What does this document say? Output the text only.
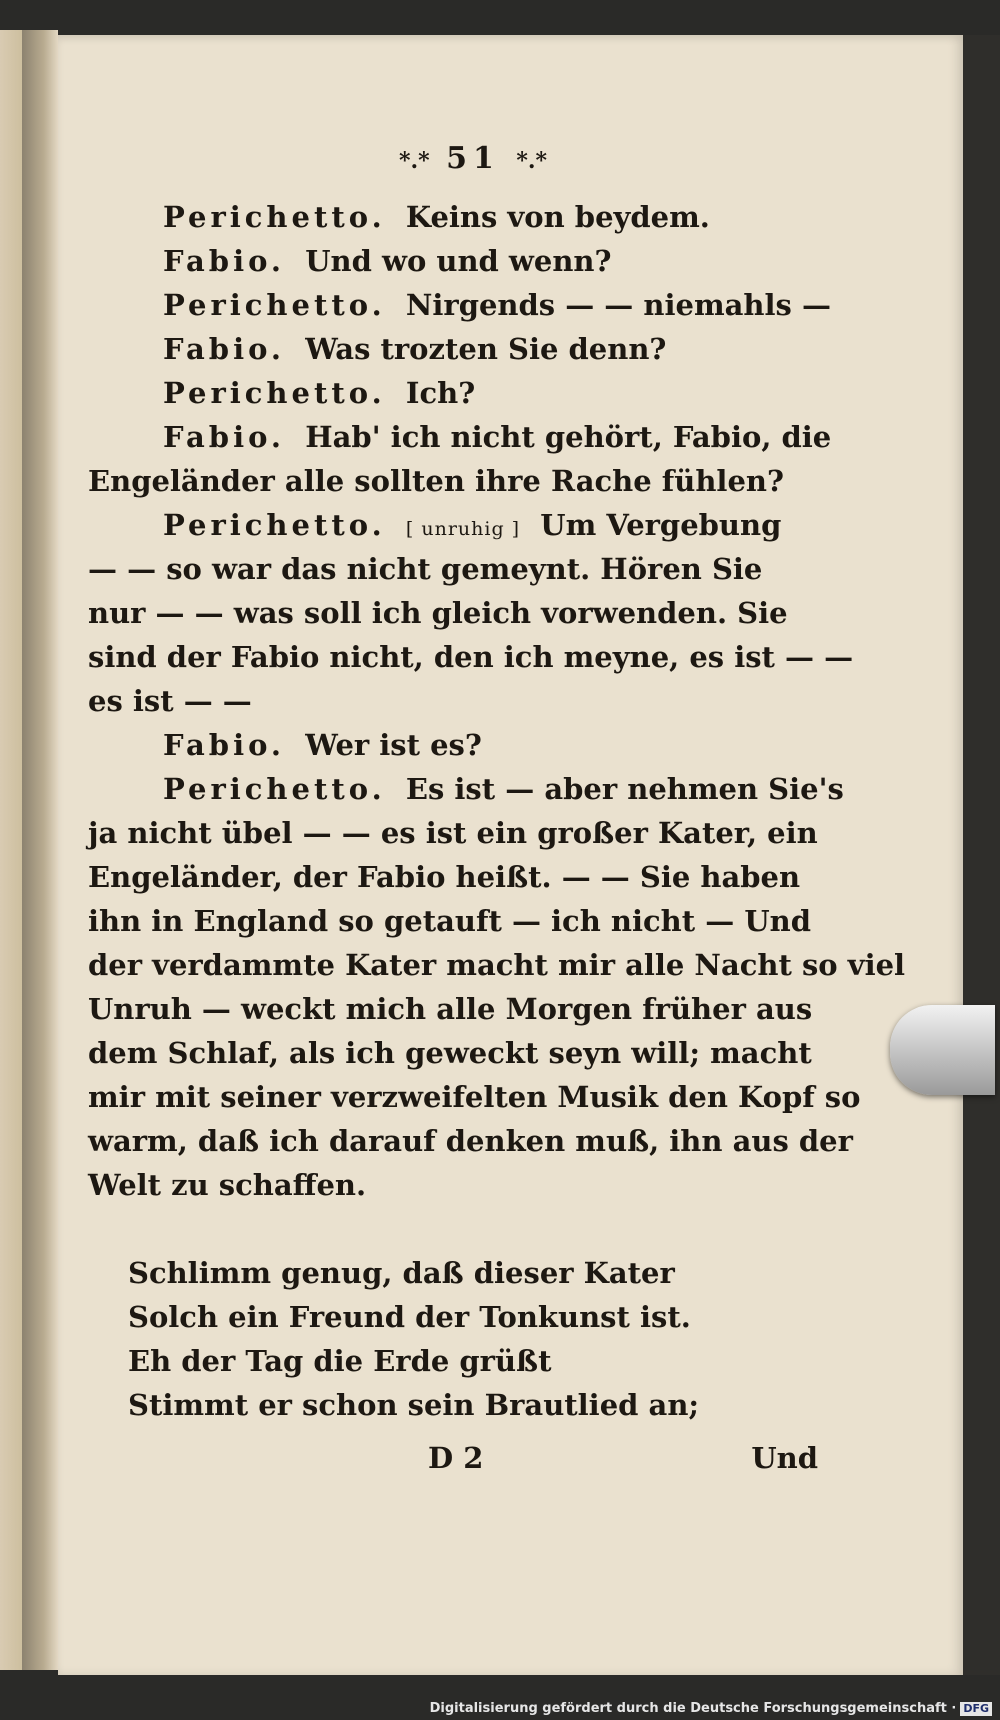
*.* 51 *.*
Perichetto. Keins von beydem.
Fabio. Und wo und wenn?
Perichetto. Nirgends — — niemahls —
Fabio. Was trozten Sie denn?
Perichetto. Ich?
Fabio. Hab' ich nicht gehört, Fabio, die
Engeländer alle sollten ihre Rache fühlen?
Perichetto. [ unruhig ] Um Vergebung
— — so war das nicht gemeynt. Hören Sie
nur — — was soll ich gleich vorwenden. Sie
sind der Fabio nicht, den ich meyne, es ist — —
es ist — —
Fabio. Wer ist es?
Perichetto. Es ist — aber nehmen Sie's
ja nicht übel — — es ist ein großer Kater, ein
Engeländer, der Fabio heißt. — — Sie haben
ihn in England so getauft — ich nicht — Und
der verdammte Kater macht mir alle Nacht so viel
Unruh — weckt mich alle Morgen früher aus
dem Schlaf, als ich geweckt seyn will; macht
mir mit seiner verzweifelten Musik den Kopf so
warm, daß ich darauf denken muß, ihn aus der
Welt zu schaffen.
Schlimm genug, daß dieser Kater
Solch ein Freund der Tonkunst ist.
Eh der Tag die Erde grüßt
Stimmt er schon sein Brautlied an;
D 2	Und
Digitalisierung gefördert durch die Deutsche Forschungsgemeinschaft · DFG
